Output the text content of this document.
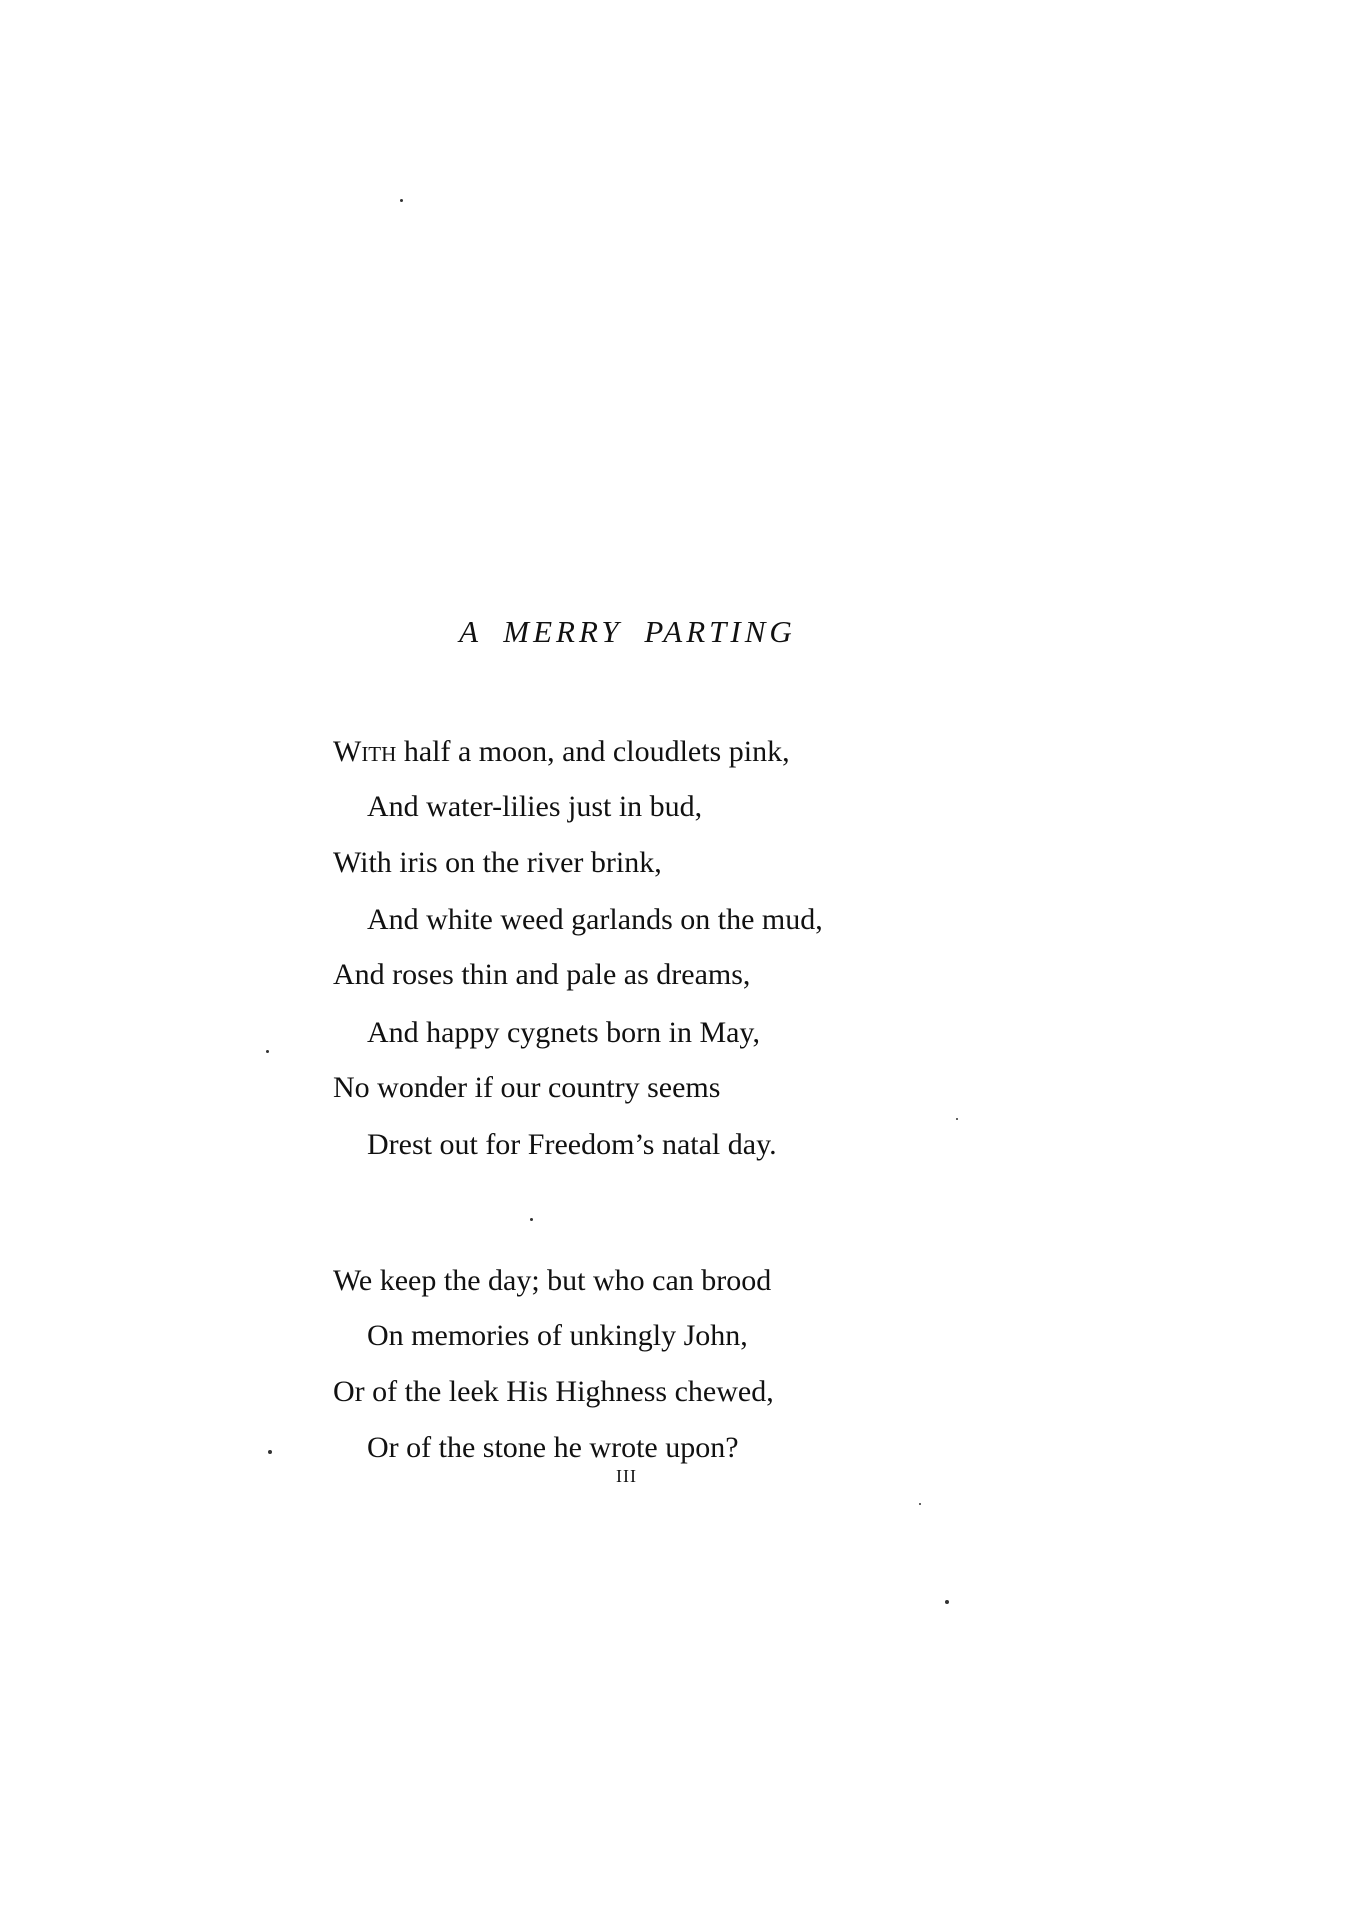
A MERRY PARTING
With half a moon, and cloudlets pink,
And water-lilies just in bud,
With iris on the river brink,
And white weed garlands on the mud,
And roses thin and pale as dreams,
And happy cygnets born in May,
No wonder if our country seems
Drest out for Freedom’s natal day.
We keep the day; but who can brood
On memories of unkingly John,
Or of the leek His Highness chewed,
Or of the stone he wrote upon?
III
